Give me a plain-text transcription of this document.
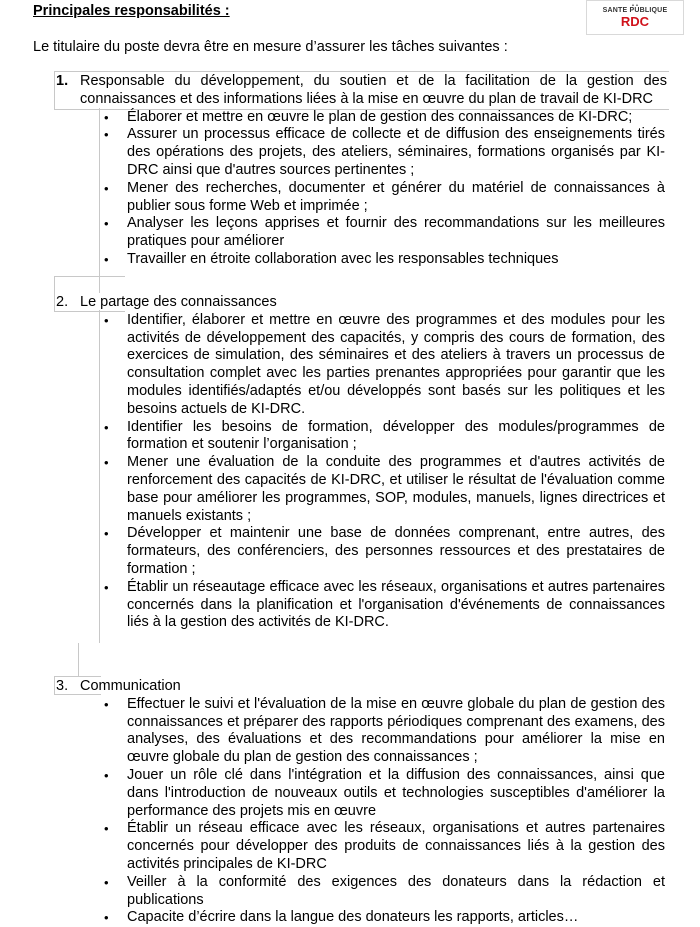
Principales responsabilités :	▲▲
SANTE PUBLIQUE
RDC
Le titulaire du poste devra être en mesure d’assurer les tâches suivantes :
1. Responsable du développement, du soutien et de la facilitation de la gestion des connaissances et des informations liées à la mise en œuvre du plan de travail de KI-DRC
• Élaborer et mettre en œuvre le plan de gestion des connaissances de KI-DRC;
• Assurer un processus efficace de collecte et de diffusion des enseignements tirés des opérations des projets, des ateliers, séminaires, formations organisés par KI-DRC ainsi que d'autres sources pertinentes ;
• Mener des recherches, documenter et générer du matériel de connaissances à publier sous forme Web et imprimée ;
• Analyser les leçons apprises et fournir des recommandations sur les meilleures pratiques pour améliorer
• Travailler en étroite collaboration avec les responsables techniques
2. Le partage des connaissances
• Identifier, élaborer et mettre en œuvre des programmes et des modules pour les activités de développement des capacités, y compris des cours de formation, des exercices de simulation, des séminaires et des ateliers à travers un processus de consultation complet avec les parties prenantes appropriées pour garantir que les modules identifiés/adaptés et/ou développés sont basés sur les politiques et les besoins actuels de KI-DRC.
• Identifier les besoins de formation, développer des modules/programmes de formation et soutenir l’organisation ;
• Mener une évaluation de la conduite des programmes et d'autres activités de renforcement des capacités de KI-DRC, et utiliser le résultat de l'évaluation comme base pour améliorer les programmes, SOP, modules, manuels, lignes directrices et manuels existants ;
• Développer et maintenir une base de données comprenant, entre autres, des formateurs, des conférenciers, des personnes ressources et des prestataires de formation ;
• Établir un réseautage efficace avec les réseaux, organisations et autres partenaires concernés dans la planification et l'organisation d'événements de connaissances liés à la gestion des activités de KI-DRC.
3. Communication
• Effectuer le suivi et l'évaluation de la mise en œuvre globale du plan de gestion des connaissances et préparer des rapports périodiques comprenant des examens, des analyses, des évaluations et des recommandations pour améliorer la mise en œuvre globale du plan de gestion des connaissances ;
• Jouer un rôle clé dans l'intégration et la diffusion des connaissances, ainsi que dans l'introduction de nouveaux outils et technologies susceptibles d'améliorer la performance des projets mis en œuvre
• Établir un réseau efficace avec les réseaux, organisations et autres partenaires concernés pour développer des produits de connaissances liés à la gestion des activités principales de KI-DRC
• Veiller à la conformité des exigences des donateurs dans la rédaction et publications
• Capacite d’écrire dans la langue des donateurs les rapports, articles…
